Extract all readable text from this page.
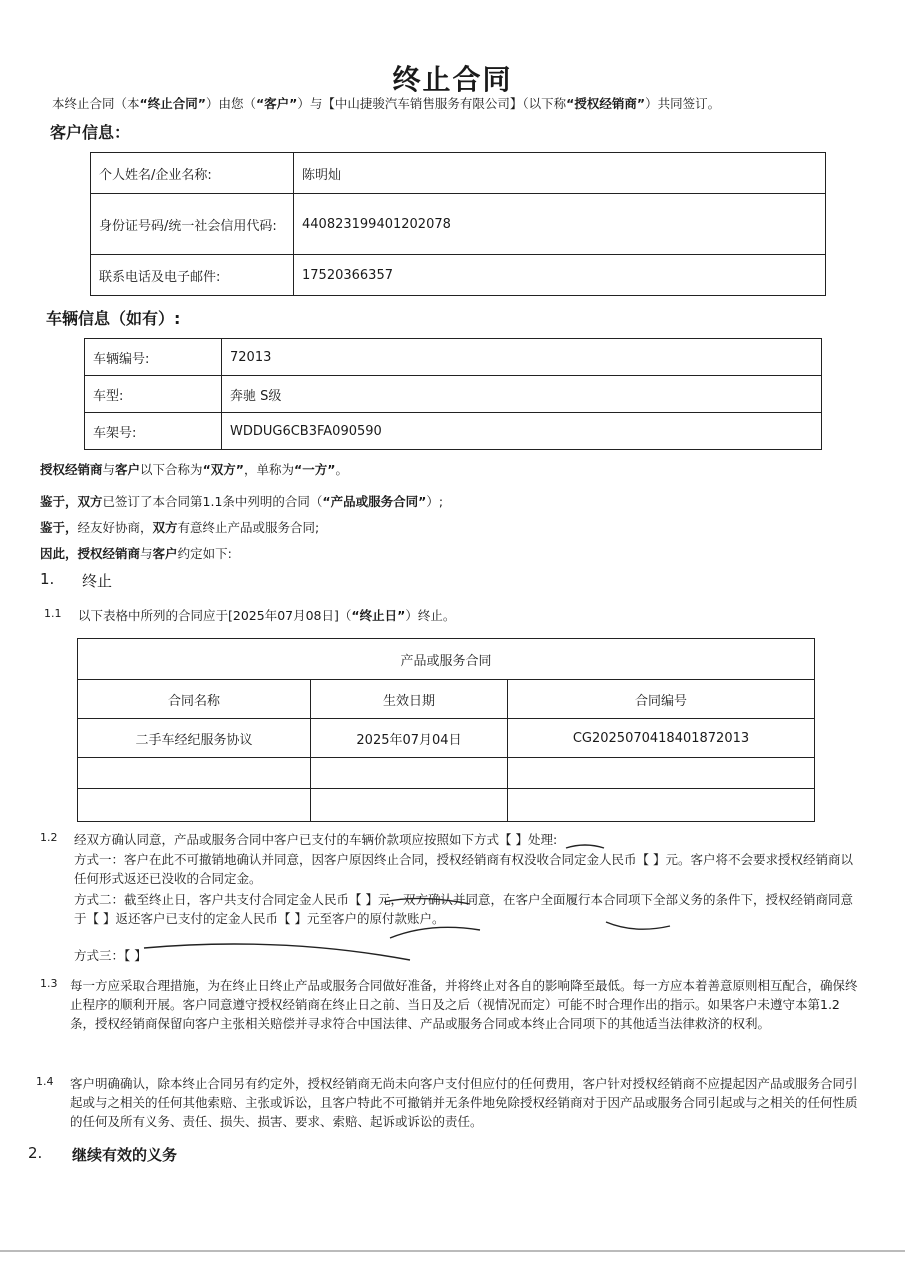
终止合同
本终止合同（本“终止合同”）由您（“客户”）与【中山捷骏汽车销售服务有限公司】（以下称“授权经销商”）共同签订。
客户信息：
个人姓名/企业名称:	陈明灿
身份证号码/统一社会信用代码:	440823199401202078
联系电话及电子邮件:	17520366357
车辆信息（如有）:
车辆编号:	72013
车型:	奔驰 S级
车架号:	WDDUG6CB3FA090590
授权经销商与客户以下合称为“双方”，单称为“一方”。
鉴于，双方已签订了本合同第1.1条中列明的合同（“产品或服务合同”）;
鉴于，经友好协商，双方有意终止产品或服务合同;
因此，授权经销商与客户约定如下:
1. 终止
1.1 以下表格中所列的合同应于[2025年07月08日]（“终止日”）终止。
产品或服务合同		
合同名称	生效日期	合同编号
二手车经纪服务协议	2025年07月04日	CG2025070418401872013

1.2 经双方确认同意，产品或服务合同中客户已支付的车辆价款项应按照如下方式【 】处理:
方式一：客户在此不可撤销地确认并同意，因客户原因终止合同，授权经销商有权没收合同定金人民币【 】元。客户将不会要求授权经销商以任何形式返还已没收的合同定金。
方式二：截至终止日，客户共支付合同定金人民币【 】元，双方确认并同意，在客户全面履行本合同项下全部义务的条件下，授权经销商同意于【 】返还客户已支付的定金人民币【 】元至客户的原付款账户。
方式三：【 】
1.3 每一方应采取合理措施，为在终止日终止产品或服务合同做好准备，并将终止对各自的影响降至最低。每一方应本着善意原则相互配合，确保终止程序的顺利开展。客户同意遵守授权经销商在终止日之前、当日及之后（视情况而定）可能不时合理作出的指示。如果客户未遵守本第1.2条，授权经销商保留向客户主张相关赔偿并寻求符合中国法律、产品或服务合同或本终止合同项下的其他适当法律救济的权利。
1.4 客户明确确认，除本终止合同另有约定外，授权经销商无尚未向客户支付但应付的任何费用，客户针对授权经销商不应提起因产品或服务合同引起或与之相关的任何其他索赔、主张或诉讼，且客户特此不可撤销并无条件地免除授权经销商对于因产品或服务合同引起或与之相关的任何性质的任何及所有义务、责任、损失、损害、要求、索赔、起诉或诉讼的责任。
2. 继续有效的义务
